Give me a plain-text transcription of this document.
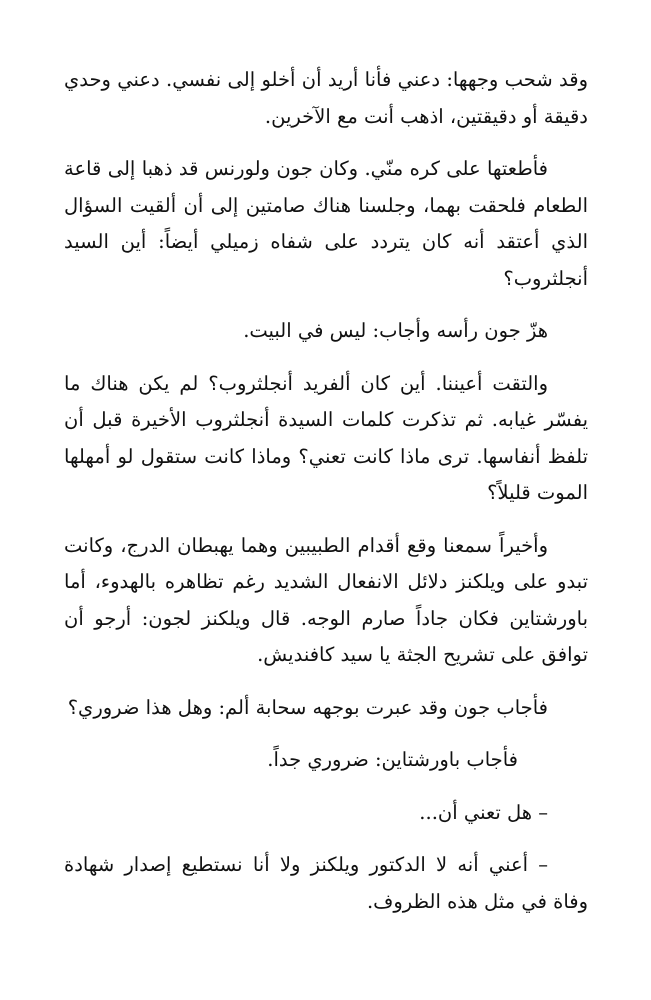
وقد شحب وجهها: دعني فأنا أريد أن أخلو إلى نفسي. دعني وحدي دقيقة أو دقيقتين، اذهب أنت مع الآخرين.

فأطعتها على كره منّي. وكان جون ولورنس قد ذهبا إلى قاعة الطعام فلحقت بهما، وجلسنا هناك صامتين إلى أن ألقيت السؤال الذي أعتقد أنه كان يتردد على شفاه زميلي أيضاً: أين السيد أنجلثروب؟

هزّ جون رأسه وأجاب: ليس في البيت.

والتقت أعيننا. أين كان ألفريد أنجلثروب؟ لم يكن هناك ما يفسّر غيابه. ثم تذكرت كلمات السيدة أنجلثروب الأخيرة قبل أن تلفظ أنفاسها. ترى ماذا كانت تعني؟ وماذا كانت ستقول لو أمهلها الموت قليلاً؟

وأخيراً سمعنا وقع أقدام الطبيبين وهما يهبطان الدرج، وكانت تبدو على ويلكنز دلائل الانفعال الشديد رغم تظاهره بالهدوء، أما باورشتاين فكان جاداً صارم الوجه. قال ويلكنز لجون: أرجو أن توافق على تشريح الجثة يا سيد كافنديش.

فأجاب جون وقد عبرت بوجهه سحابة ألم: وهل هذا ضروري؟

فأجاب باورشتاين: ضروري جداً.

– هل تعني أن...

– أعني أنه لا الدكتور ويلكنز ولا أنا نستطيع إصدار شهادة وفاة في مثل هذه الظروف.
